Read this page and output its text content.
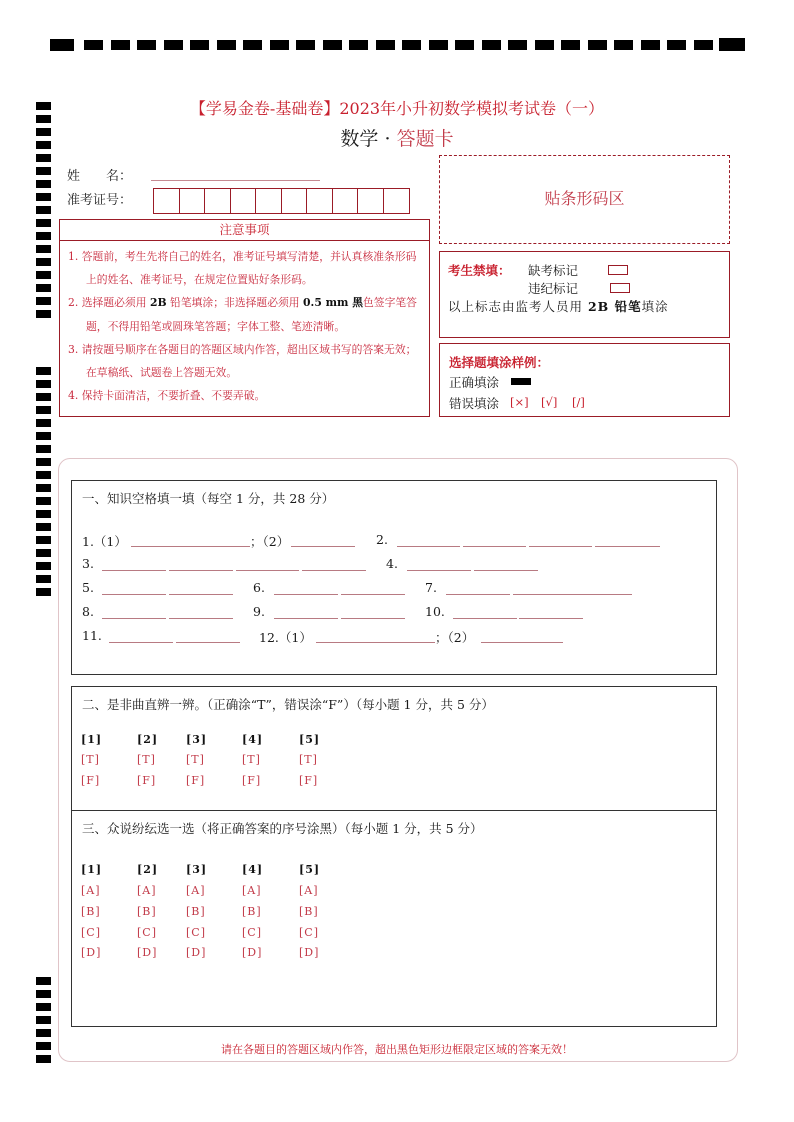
【学易金卷-基础卷】2023年小升初数学模拟考试卷（一）
数学 · 答题卡
姓　　名：
准考证号：
注意事项
1. 答题前，考生先将自己的姓名，准考证号填写清楚，并认真核准条形码上的姓名、准考证号，在规定位置贴好条形码。
2. 选择题必须用 2B 铅笔填涂；非选择题必须用 0.5 mm 黑色签字笔答题，不得用铅笔或圆珠笔答题；字体工整、笔迹清晰。
3. 请按题号顺序在各题目的答题区域内作答，超出区域书写的答案无效；在草稿纸、试题卷上答题无效。
4. 保持卡面清洁，不要折叠、不要弄破。
贴条形码区
考生禁填： 缺考标记
违纪标记
以上标志由监考人员用 2B 铅笔填涂
选择题填涂样例：
正确填涂
错误填涂 [×] [√] [/]
一、知识空格填一填（每空 1 分，共 28 分）
1.（1）	；（2）	2.
3.	4.
5.	6.	7.
8.	9.	10.
11.	12.（1）	；（2）
二、是非曲直辨一辨。（正确涂“T”，错误涂“F”）（每小题 1 分，共 5 分）
[1]	[2]	[3]	[4]	[5]
[T]	[T]	[T]	[T]	[T]
[F]	[F]	[F]	[F]	[F]
三、众说纷纭选一选（将正确答案的序号涂黑）（每小题 1 分，共 5 分）
[1]	[2]	[3]	[4]	[5]
[A]	[A]	[A]	[A]	[A]
[B]	[B]	[B]	[B]	[B]
[C]	[C]	[C]	[C]	[C]
[D]	[D]	[D]	[D]	[D]
请在各题目的答题区域内作答，超出黑色矩形边框限定区域的答案无效！
